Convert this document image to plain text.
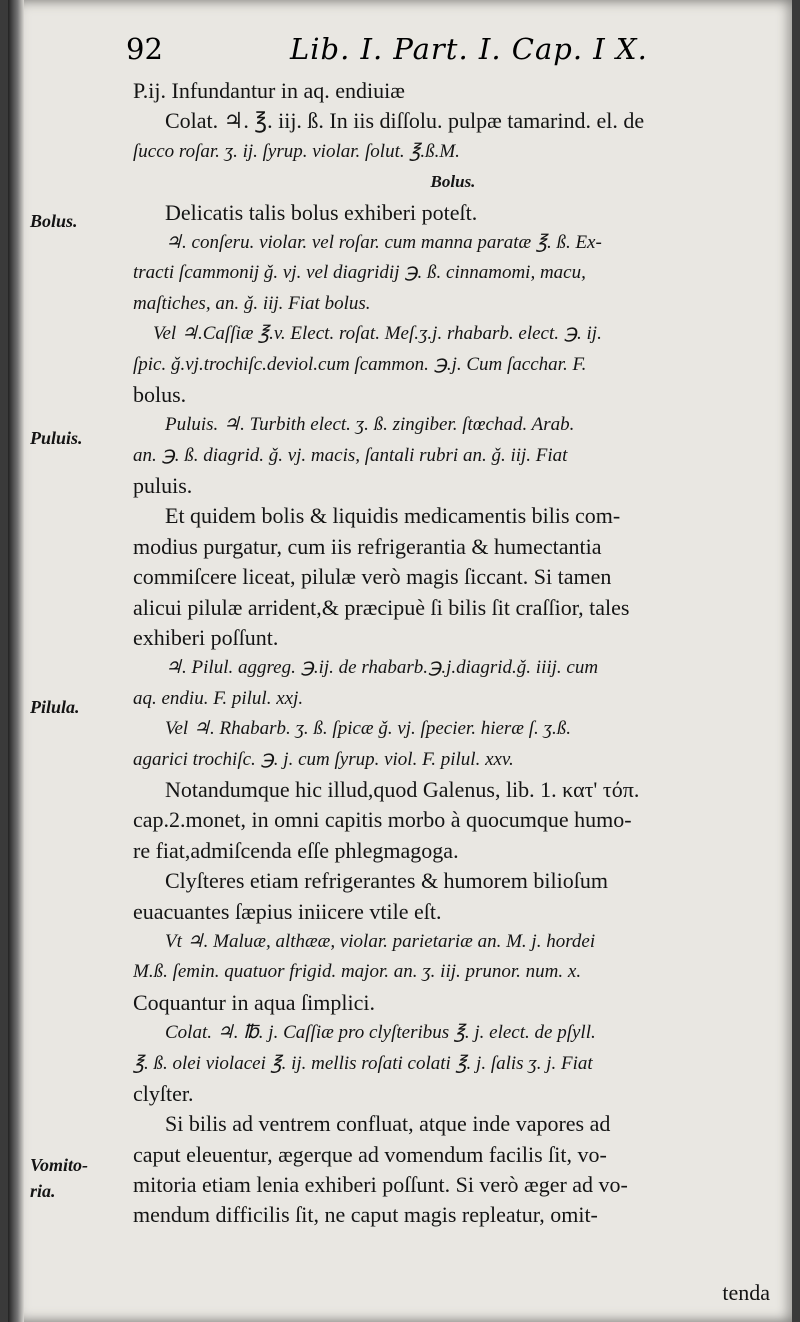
92	Lib. I. Part. I. Cap. I X.
Bolus.
Puluis.
Pilula.
Vomito-
ria.
P.ij. Infundantur in aq. endiuiæ
Colat. ♃. ℥. iij. ß. In iis diſſolu. pulpæ tamarind. el. de
ſucco roſar. ʒ. ij. ſyrup. violar. ſolut. ℥.ß.M.
Bolus.
Delicatis talis bolus exhiberi poteſt.
♃. conſeru. violar. vel roſar. cum manna paratæ ℥. ß. Ex-
tracti ſcammonij ǧ. vj. vel diagridij ℈. ß. cinnamomi, macu,
maſtiches, an. ǧ. iij. Fiat bolus.
Vel ♃.Caſſiæ ℥.v. Elect. roſat. Meſ.ʒ.j. rhabarb. elect. ℈. ij.
ſpic. ǧ.vj.trochiſc.deviol.cum ſcammon. ℈.j. Cum ſacchar. F.
bolus.
Puluis. ♃. Turbith elect. ʒ. ß. zingiber. ſtœchad. Arab.
an. ℈. ß. diagrid. ǧ. vj. macis, ſantali rubri an. ǧ. iij. Fiat
puluis.
Et quidem bolis & liquidis medicamentis bilis com-
modius purgatur, cum iis refrigerantia & humectantia
commiſcere liceat, pilulæ verò magis ſiccant. Si tamen
alicui pilulæ arrident,& præcipuè ſi bilis ſit craſſior, tales
exhiberi poſſunt.
♃. Pilul. aggreg. ℈.ij. de rhabarb.℈.j.diagrid.ǧ. iiij. cum
aq. endiu. F. pilul. xxj.
Vel ♃. Rhabarb. ʒ. ß. ſpicæ ǧ. vj. ſpecier. hieræ ſ. ʒ.ß.
agarici trochiſc. ℈. j. cum ſyrup. viol. F. pilul. xxv.
Notandumque hic illud,quod Galenus, lib. 1. κατ' τόπ.
cap.2.monet, in omni capitis morbo à quocumque humo-
re fiat,admiſcenda eſſe phlegmagoga.
Clyſteres etiam refrigerantes & humorem bilioſum
euacuantes ſæpius iniicere vtile eſt.
Vt ♃. Maluæ, althææ, violar. parietariæ an. M. j. hordei
M.ß. ſemin. quatuor frigid. major. an. ʒ. iij. prunor. num. x.
Coquantur in aqua ſimplici.
Colat. ♃. ℔. j. Caſſiæ pro clyſteribus ℥. j. elect. de pſyll.
℥. ß. olei violacei ℥. ij. mellis roſati colati ℥. j. ſalis ʒ. j. Fiat
clyſter.
Si bilis ad ventrem confluat, atque inde vapores ad
caput eleuentur, ægerque ad vomendum facilis ſit, vo-
mitoria etiam lenia exhiberi poſſunt. Si verò æger ad vo-
mendum difficilis ſit, ne caput magis repleatur, omit-
tenda
